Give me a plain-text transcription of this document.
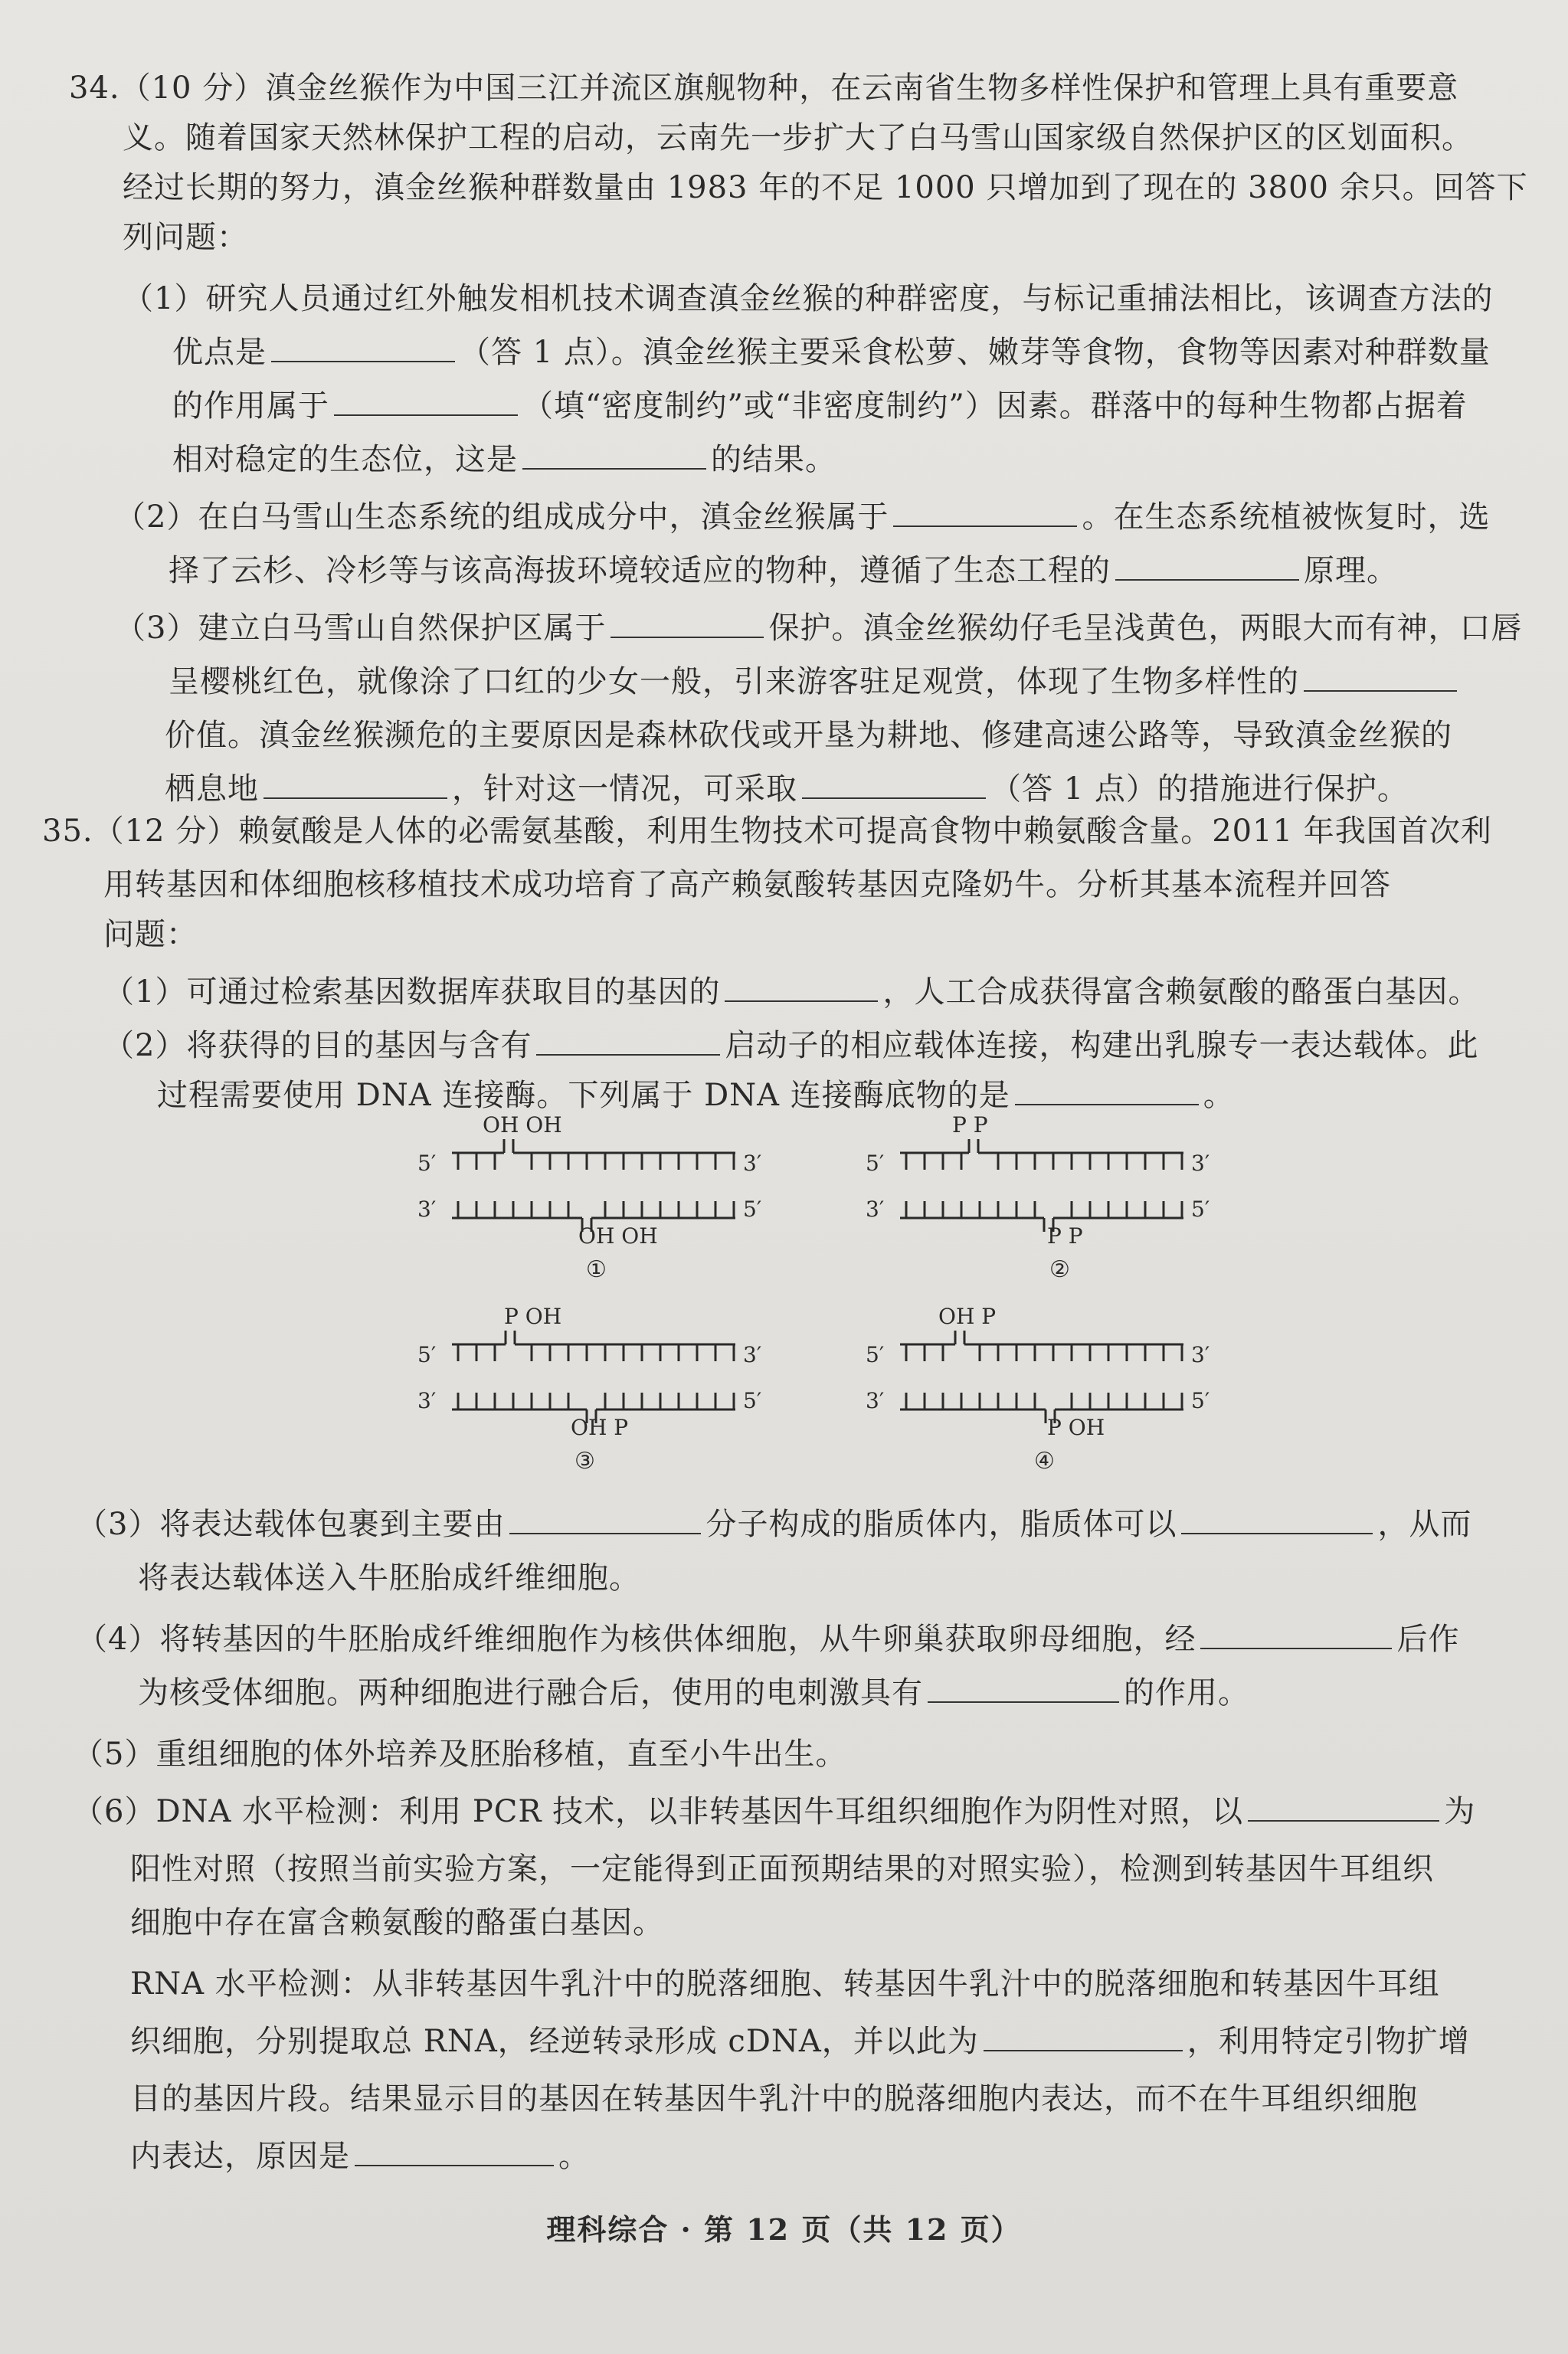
34.（10 分）滇金丝猴作为中国三江并流区旗舰物种，在云南省生物多样性保护和管理上具有重要意
义。随着国家天然林保护工程的启动，云南先一步扩大了白马雪山国家级自然保护区的区划面积。
经过长期的努力，滇金丝猴种群数量由 1983 年的不足 1000 只增加到了现在的 3800 余只。回答下
列问题：
（1）研究人员通过红外触发相机技术调查滇金丝猴的种群密度，与标记重捕法相比，该调查方法的
优点是	（答 1 点）。滇金丝猴主要采食松萝、嫩芽等食物，食物等因素对种群数量
的作用属于	（填“密度制约”或“非密度制约”）因素。群落中的每种生物都占据着
相对稳定的生态位，这是	的结果。
（2）在白马雪山生态系统的组成成分中，滇金丝猴属于	。在生态系统植被恢复时，选
择了云杉、冷杉等与该高海拔环境较适应的物种，遵循了生态工程的	原理。
（3）建立白马雪山自然保护区属于	保护。滇金丝猴幼仔毛呈浅黄色，两眼大而有神，口唇
呈樱桃红色，就像涂了口红的少女一般，引来游客驻足观赏，体现了生物多样性的
价值。滇金丝猴濒危的主要原因是森林砍伐或开垦为耕地、修建高速公路等，导致滇金丝猴的
栖息地	，针对这一情况，可采取	（答 1 点）的措施进行保护。
35.（12 分）赖氨酸是人体的必需氨基酸，利用生物技术可提高食物中赖氨酸含量。2011 年我国首次利
用转基因和体细胞核移植技术成功培育了高产赖氨酸转基因克隆奶牛。分析其基本流程并回答
问题：
（1）可通过检索基因数据库获取目的基因的	，人工合成获得富含赖氨酸的酪蛋白基因。
（2）将获得的目的基因与含有	启动子的相应载体连接，构建出乳腺专一表达载体。此
过程需要使用 DNA 连接酶。下列属于 DNA 连接酶底物的是	。
OH OH
5′	3′
3′	5′
OH OH
①
P P
5′	3′
3′	5′
P P
②
P OH
5′	3′
3′	5′
OH P
③
OH P
5′	3′
3′	5′
P OH
④
（3）将表达载体包裹到主要由	分子构成的脂质体内，脂质体可以	，从而
将表达载体送入牛胚胎成纤维细胞。
（4）将转基因的牛胚胎成纤维细胞作为核供体细胞，从牛卵巢获取卵母细胞，经	后作
为核受体细胞。两种细胞进行融合后，使用的电刺激具有	的作用。
（5）重组细胞的体外培养及胚胎移植，直至小牛出生。
（6）DNA 水平检测：利用 PCR 技术，以非转基因牛耳组织细胞作为阴性对照，以	为
阳性对照（按照当前实验方案，一定能得到正面预期结果的对照实验），检测到转基因牛耳组织
细胞中存在富含赖氨酸的酪蛋白基因。
RNA 水平检测：从非转基因牛乳汁中的脱落细胞、转基因牛乳汁中的脱落细胞和转基因牛耳组
织细胞，分别提取总 RNA，经逆转录形成 cDNA，并以此为	，利用特定引物扩增
目的基因片段。结果显示目的基因在转基因牛乳汁中的脱落细胞内表达，而不在牛耳组织细胞
内表达，原因是	。
理科综合 · 第 12 页（共 12 页）
